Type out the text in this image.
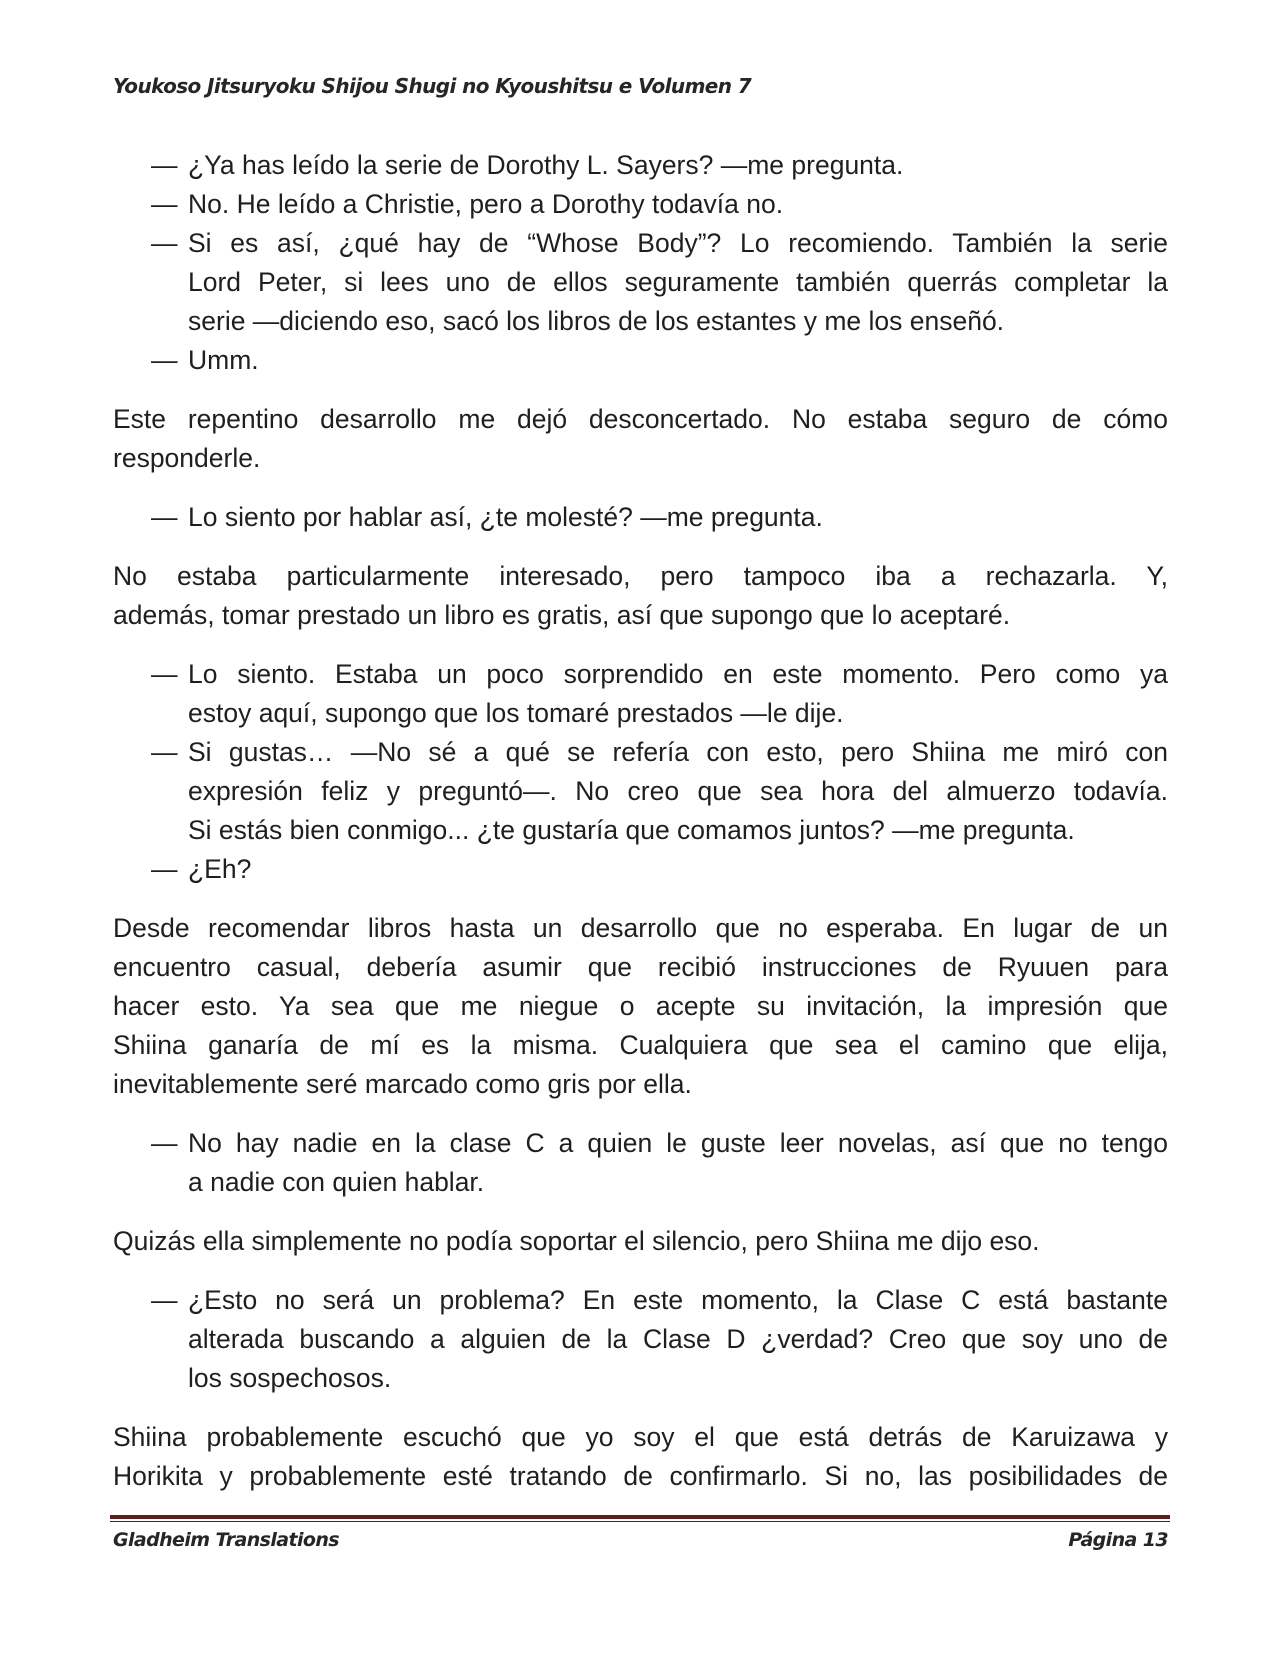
Youkoso Jitsuryoku Shijou Shugi no Kyoushitsu e Volumen 7
— ¿Ya has leído la serie de Dorothy L. Sayers? —me pregunta.
— No. He leído a Christie, pero a Dorothy todavía no.
— Si es así, ¿qué hay de “Whose Body”? Lo recomiendo. También la serie
Lord Peter, si lees uno de ellos seguramente también querrás completar la
serie —diciendo eso, sacó los libros de los estantes y me los enseñó.
— Umm.
Este repentino desarrollo me dejó desconcertado. No estaba seguro de cómo
responderle.
— Lo siento por hablar así, ¿te molesté? —me pregunta.
No estaba particularmente interesado, pero tampoco iba a rechazarla. Y,
además, tomar prestado un libro es gratis, así que supongo que lo aceptaré.
— Lo siento. Estaba un poco sorprendido en este momento. Pero como ya
estoy aquí, supongo que los tomaré prestados —le dije.
— Si gustas… —No sé a qué se refería con esto, pero Shiina me miró con
expresión feliz y preguntó—. No creo que sea hora del almuerzo todavía.
Si estás bien conmigo... ¿te gustaría que comamos juntos? —me pregunta.
— ¿Eh?
Desde recomendar libros hasta un desarrollo que no esperaba. En lugar de un
encuentro casual, debería asumir que recibió instrucciones de Ryuuen para
hacer esto. Ya sea que me niegue o acepte su invitación, la impresión que
Shiina ganaría de mí es la misma. Cualquiera que sea el camino que elija,
inevitablemente seré marcado como gris por ella.
— No hay nadie en la clase C a quien le guste leer novelas, así que no tengo
a nadie con quien hablar.
Quizás ella simplemente no podía soportar el silencio, pero Shiina me dijo eso.
— ¿Esto no será un problema? En este momento, la Clase C está bastante
alterada buscando a alguien de la Clase D ¿verdad? Creo que soy uno de
los sospechosos.
Shiina probablemente escuchó que yo soy el que está detrás de Karuizawa y
Horikita y probablemente esté tratando de confirmarlo. Si no, las posibilidades de
Gladheim Translations	Página 13
